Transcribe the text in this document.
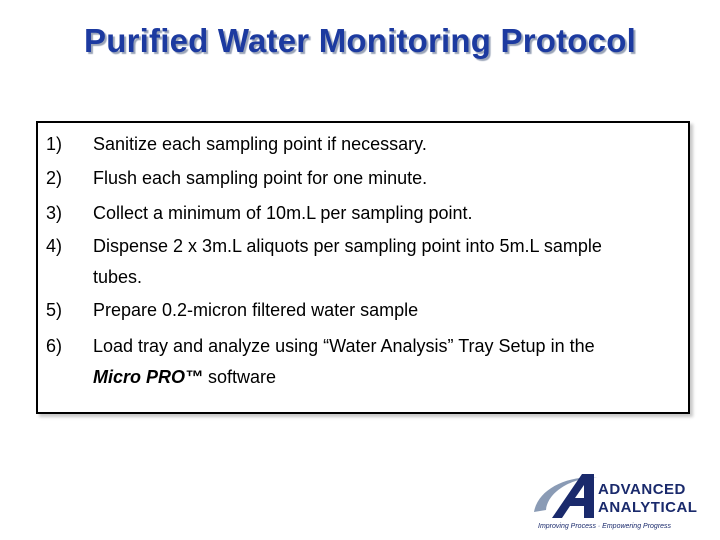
Purified Water Monitoring Protocol
1) Sanitize each sampling point if necessary.
2) Flush each sampling point for one minute.
3) Collect a minimum of 10m.L per sampling point.
4) Dispense 2 x 3m.L aliquots per sampling point into 5m.L sample
tubes.
5) Prepare 0.2-micron filtered water sample
6) Load tray and analyze using “Water Analysis” Tray Setup in the
Micro PRO™ software
ADVANCED
ANALYTICAL
Improving Process · Empowering Progress
